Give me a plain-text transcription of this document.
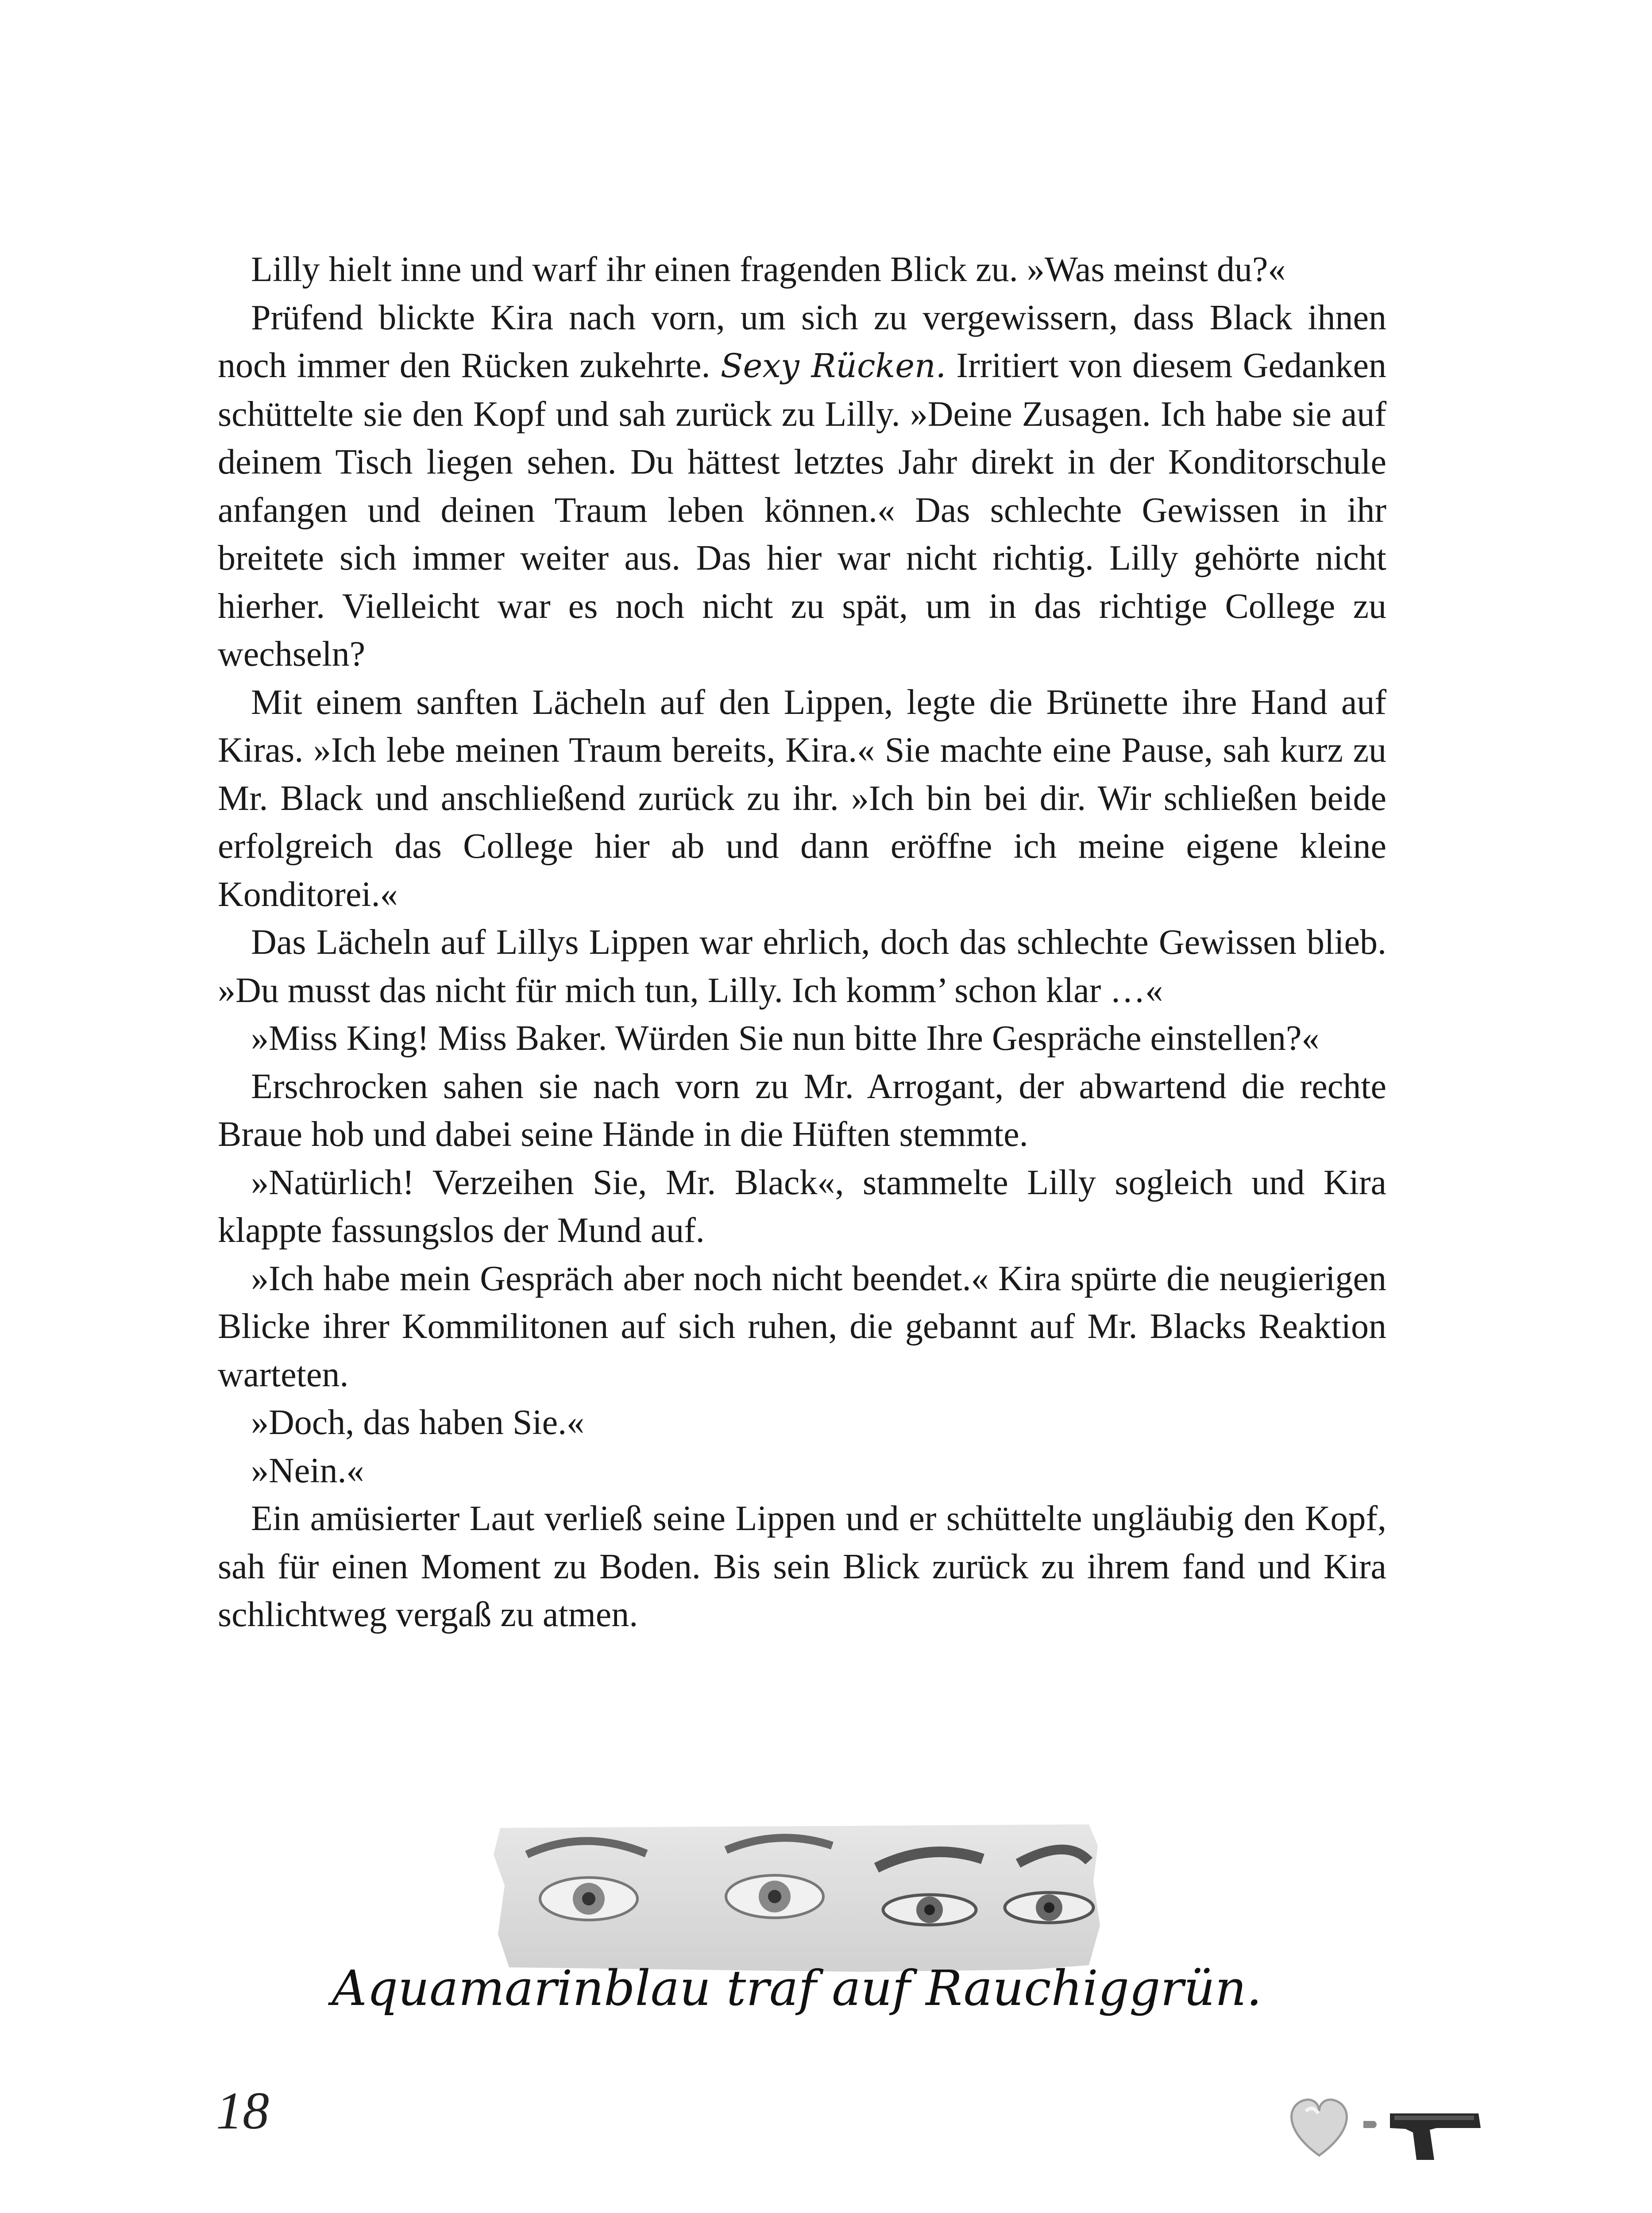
Lilly hielt inne und warf ihr einen fragenden Blick zu. »Was meinst du?«

Prüfend blickte Kira nach vorn, um sich zu vergewissern, dass Black ihnen noch immer den Rücken zukehrte. Sexy Rücken. Irritiert von diesem Gedanken schüttelte sie den Kopf und sah zurück zu Lilly. »Deine Zusagen. Ich habe sie auf deinem Tisch liegen sehen. Du hättest letztes Jahr direkt in der Konditorschule anfangen und deinen Traum leben können.« Das schlechte Gewissen in ihr breitete sich immer weiter aus. Das hier war nicht richtig. Lilly gehörte nicht hierher. Vielleicht war es noch nicht zu spät, um in das richtige College zu wechseln?

Mit einem sanften Lächeln auf den Lippen, legte die Brünette ihre Hand auf Kiras. »Ich lebe meinen Traum bereits, Kira.« Sie machte eine Pause, sah kurz zu Mr. Black und anschließend zurück zu ihr. »Ich bin bei dir. Wir schließen beide erfolgreich das College hier ab und dann eröffne ich meine eigene kleine Konditorei.«

Das Lächeln auf Lillys Lippen war ehrlich, doch das schlechte Gewissen blieb. »Du musst das nicht für mich tun, Lilly. Ich komm’ schon klar …«

»Miss King! Miss Baker. Würden Sie nun bitte Ihre Gespräche einstellen?«

Erschrocken sahen sie nach vorn zu Mr. Arrogant, der abwartend die rechte Braue hob und dabei seine Hände in die Hüften stemmte.

»Natürlich! Verzeihen Sie, Mr. Black«, stammelte Lilly sogleich und Kira klappte fassungslos der Mund auf.

»Ich habe mein Gespräch aber noch nicht beendet.« Kira spürte die neugierigen Blicke ihrer Kommilitonen auf sich ruhen, die gebannt auf Mr. Blacks Reaktion warteten.

»Doch, das haben Sie.«

»Nein.«

Ein amüsierter Laut verließ seine Lippen und er schüttelte ungläubig den Kopf, sah für einen Moment zu Boden. Bis sein Blick zurück zu ihrem fand und Kira schlichtweg vergaß zu atmen.

Aquamarinblau traf auf Rauchiggrün.
18
